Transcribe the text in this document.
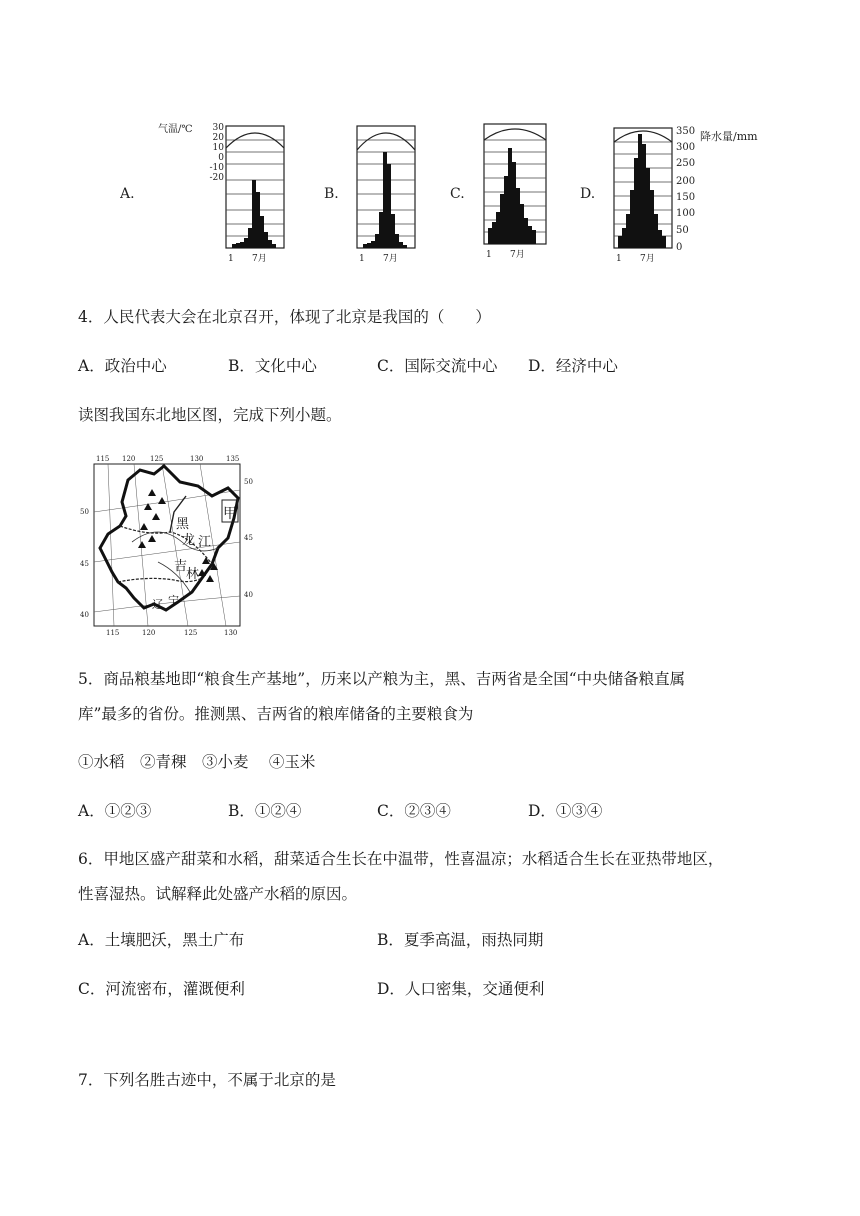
气温/℃ 30
20
10
0
-10
-20
A.
1 7月
B.
1 7月
C.
1 7月
D.
1 7月
350
300
250
200
150
100
50
0
降水量/mm
4．人民代表大会在北京召开，体现了北京是我国的（　　）
A．政治中心	B．文化中心	C．国际交流中心 D．经济中心
读图我国东北地区图，完成下列小题。
115 120 125	130	135
115	120	125	130
50
45
40
50
45
40
黑
龙 江
甲
吉
林
辽 宁
5．商品粮基地即“粮食生产基地”，历来以产粮为主，黑、吉两省是全国“中央储备粮直属
库”最多的省份。推测黑、吉两省的粮库储备的主要粮食为
①水稻　②青稞　③小麦　 ④玉米
A．①②③	B．①②④	C．②③④	D．①③④
6．甲地区盛产甜菜和水稻，甜菜适合生长在中温带，性喜温凉；水稻适合生长在亚热带地区，
性喜湿热。试解释此处盛产水稻的原因。
A．土壤肥沃，黑土广布	B．夏季高温，雨热同期
C．河流密布，灌溉便利	D．人口密集，交通便利
7．下列名胜古迹中，不属于北京的是
